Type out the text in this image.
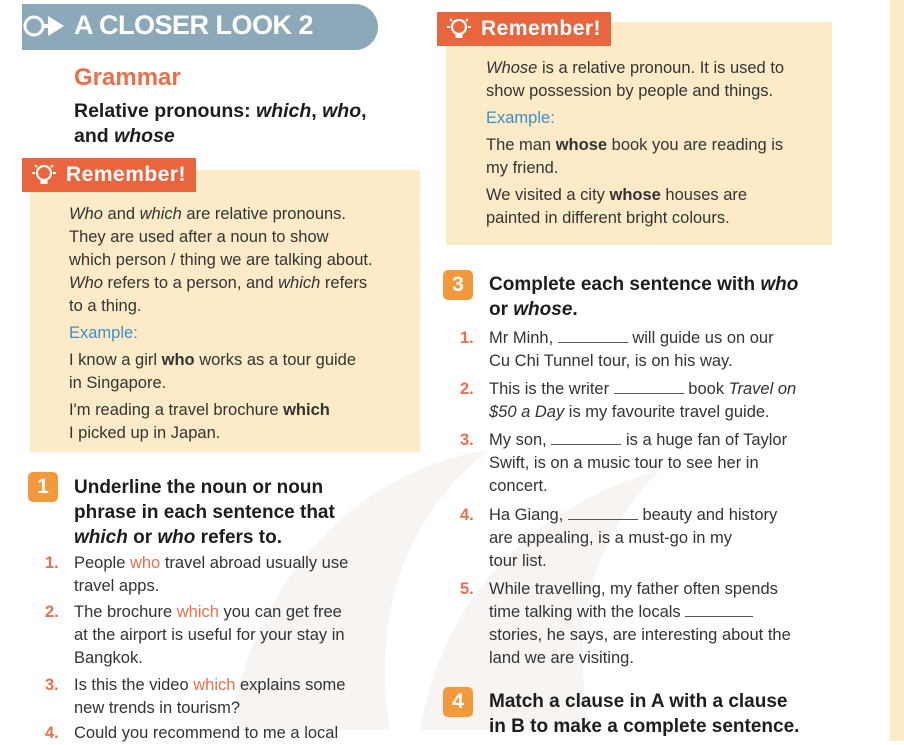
A CLOSER LOOK 2
Grammar
Relative pronouns: which, who,
and whose
Remember!
Who and which are relative pronouns.
They are used after a noun to show
which person / thing we are talking about.
Who refers to a person, and which refers
to a thing.
Example:
I know a girl who works as a tour guide
in Singapore.
I'm reading a travel brochure which
I picked up in Japan.
1	Underline the noun or noun
phrase in each sentence that
which or who refers to.
1. People who travel abroad usually use
travel apps.
2. The brochure which you can get free
at the airport is useful for your stay in
Bangkok.
3. Is this the video which explains some
new trends in tourism?
4. Could you recommend to me a local
Remember!
Whose is a relative pronoun. It is used to
show possession by people and things.
Example:
The man whose book you are reading is
my friend.
We visited a city whose houses are
painted in different bright colours.
3	Complete each sentence with who
or whose.
1. Mr Minh,	will guide us on our
Cu Chi Tunnel tour, is on his way.
2. This is the writer	book Travel on
$50 a Day is my favourite travel guide.
3. My son,	is a huge fan of Taylor
Swift, is on a music tour to see her in
concert.
4. Ha Giang,	beauty and history
are appealing, is a must-go in my
tour list.
5. While travelling, my father often spends
time talking with the locals
stories, he says, are interesting about the
land we are visiting.
4	Match a clause in A with a clause
in B to make a complete sentence.
